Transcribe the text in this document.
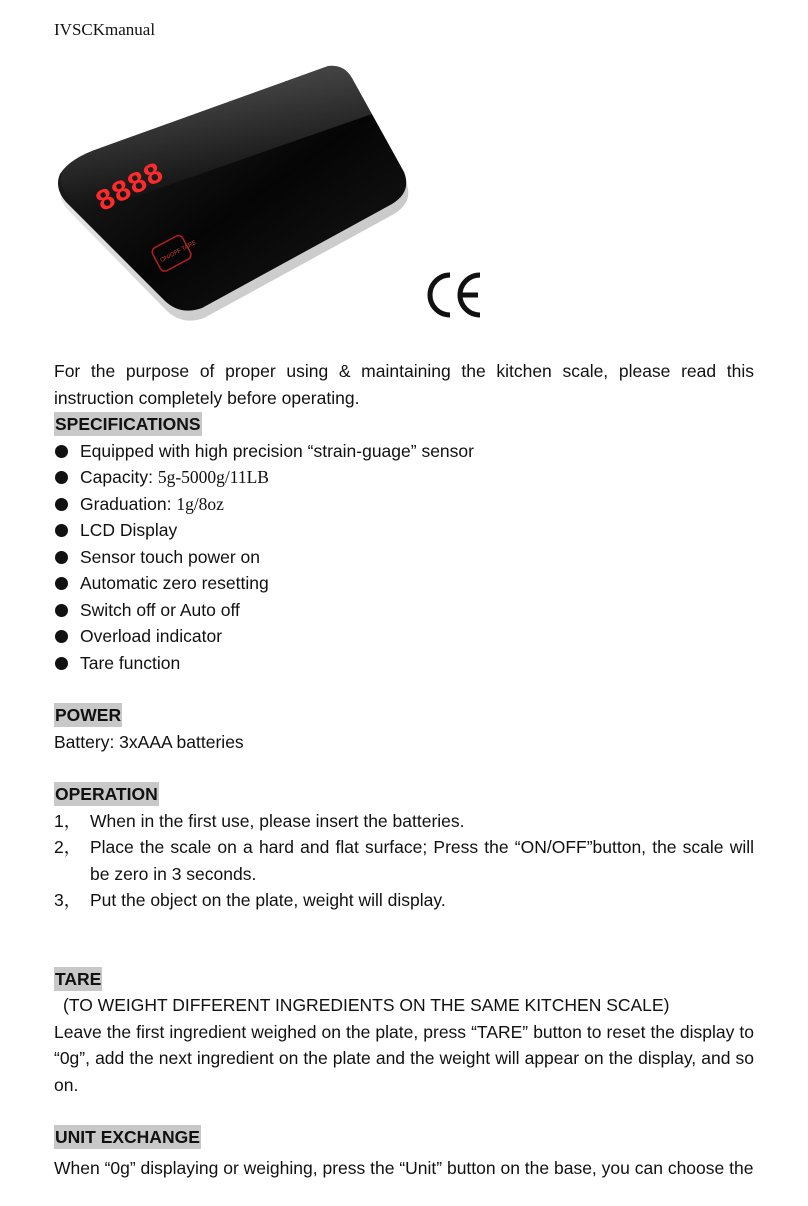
IVSCKmanual
8888
ON/OFF TARE
For the purpose of proper using & maintaining the kitchen scale, please read this instruction completely before operating.
SPECIFICATIONS
Equipped with high precision “strain-guage” sensor
Capacity: 5g-5000g/11LB
Graduation: 1g/8oz
LCD Display
Sensor touch power on
Automatic zero resetting
Switch off or Auto off
Overload indicator
Tare function
POWER
Battery: 3xAAA batteries
OPERATION
1， When in the first use, please insert the batteries.
2， Place the scale on a hard and flat surface; Press the “ON/OFF”button, the scale will be zero in 3 seconds.
3， Put the object on the plate, weight will display.
TARE
(TO WEIGHT DIFFERENT INGREDIENTS ON THE SAME KITCHEN SCALE)
Leave the first ingredient weighed on the plate, press “TARE” button to reset the display to “0g”, add the next ingredient on the plate and the weight will appear on the display, and so on.
UNIT EXCHANGE
When “0g” displaying or weighing, press the “Unit” button on the base, you can choose the
